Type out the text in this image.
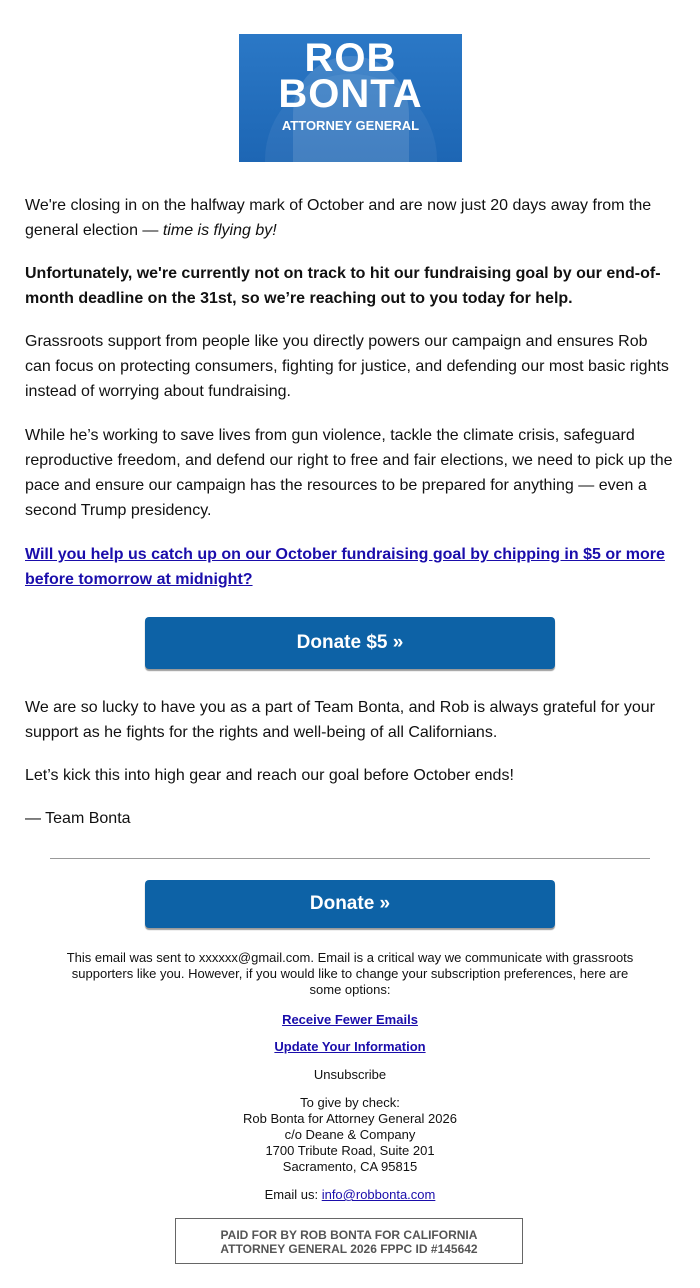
ROB
BONTA
ATTORNEY GENERAL

We're closing in on the halfway mark of October and are now just 20 days away from the general election — time is flying by!

Unfortunately, we're currently not on track to hit our fundraising goal by our end-of-month deadline on the 31st, so we’re reaching out to you today for help.

Grassroots support from people like you directly powers our campaign and ensures Rob can focus on protecting consumers, fighting for justice, and defending our most basic rights instead of worrying about fundraising.

While he’s working to save lives from gun violence, tackle the climate crisis, safeguard reproductive freedom, and defend our right to free and fair elections, we need to pick up the pace and ensure our campaign has the resources to be prepared for anything — even a second Trump presidency.

Will you help us catch up on our October fundraising goal by chipping in $5 or more before tomorrow at midnight?

Donate $5 »

We are so lucky to have you as a part of Team Bonta, and Rob is always grateful for your support as he fights for the rights and well-being of all Californians.

Let’s kick this into high gear and reach our goal before October ends!

— Team Bonta

Donate »

This email was sent to xxxxxx@gmail.com. Email is a critical way we communicate with grassroots supporters like you. However, if you would like to change your subscription preferences, here are some options:

Receive Fewer Emails

Update Your Information

Unsubscribe

To give by check:
Rob Bonta for Attorney General 2026
c/o Deane & Company
1700 Tribute Road, Suite 201
Sacramento, CA 95815

Email us: info@robbonta.com

PAID FOR BY ROB BONTA FOR CALIFORNIA
ATTORNEY GENERAL 2026 FPPC ID #145642
